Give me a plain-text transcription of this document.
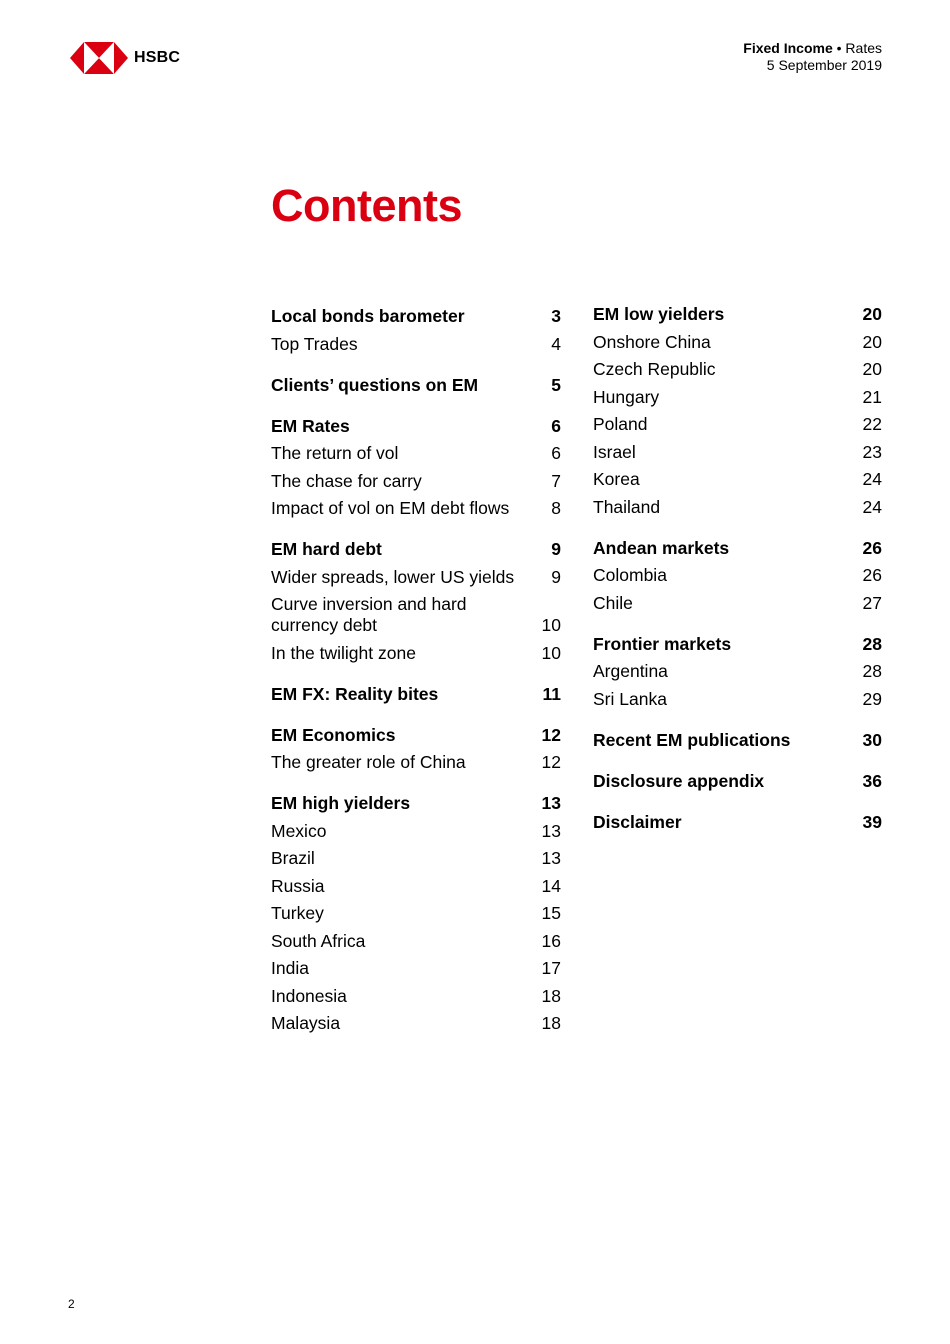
HSBC
Fixed Income • Rates
5 September 2019
Contents
Local bonds barometer	3
Top Trades	4
Clients’ questions on EM	5
EM Rates	6
The return of vol	6
The chase for carry	7
Impact of vol on EM debt flows	8
EM hard debt	9
Wider spreads, lower US yields	9
Curve inversion and hard currency debt	10
In the twilight zone	10
EM FX: Reality bites	11
EM Economics	12
The greater role of China	12
EM high yielders	13
Mexico	13
Brazil	13
Russia	14
Turkey	15
South Africa	16
India	17
Indonesia	18
Malaysia	18
EM low yielders	20
Onshore China	20
Czech Republic	20
Hungary	21
Poland	22
Israel	23
Korea	24
Thailand	24
Andean markets	26
Colombia	26
Chile	27
Frontier markets	28
Argentina	28
Sri Lanka	29
Recent EM publications	30
Disclosure appendix	36
Disclaimer	39
2
